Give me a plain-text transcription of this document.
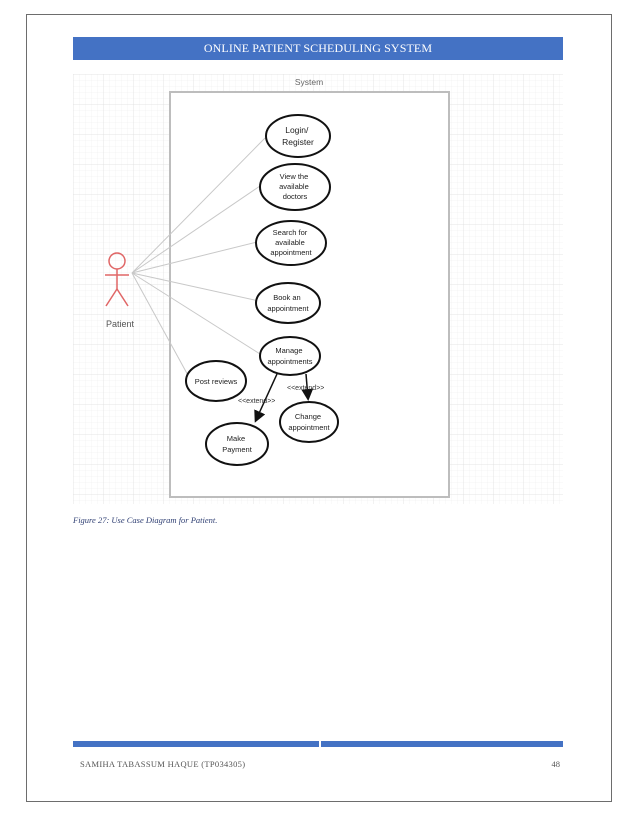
ONLINE PATIENT SCHEDULING SYSTEM
System
Patient
Login/ Register
View the available doctors
Search for available appointment
Book an appointment
Manage appointments
Post reviews
Make Payment
Change appointment
<<extend>>
<<extend>>
Figure 27: Use Case Diagram for Patient.
SAMIHA TABASSUM HAQUE (TP034305)	48
